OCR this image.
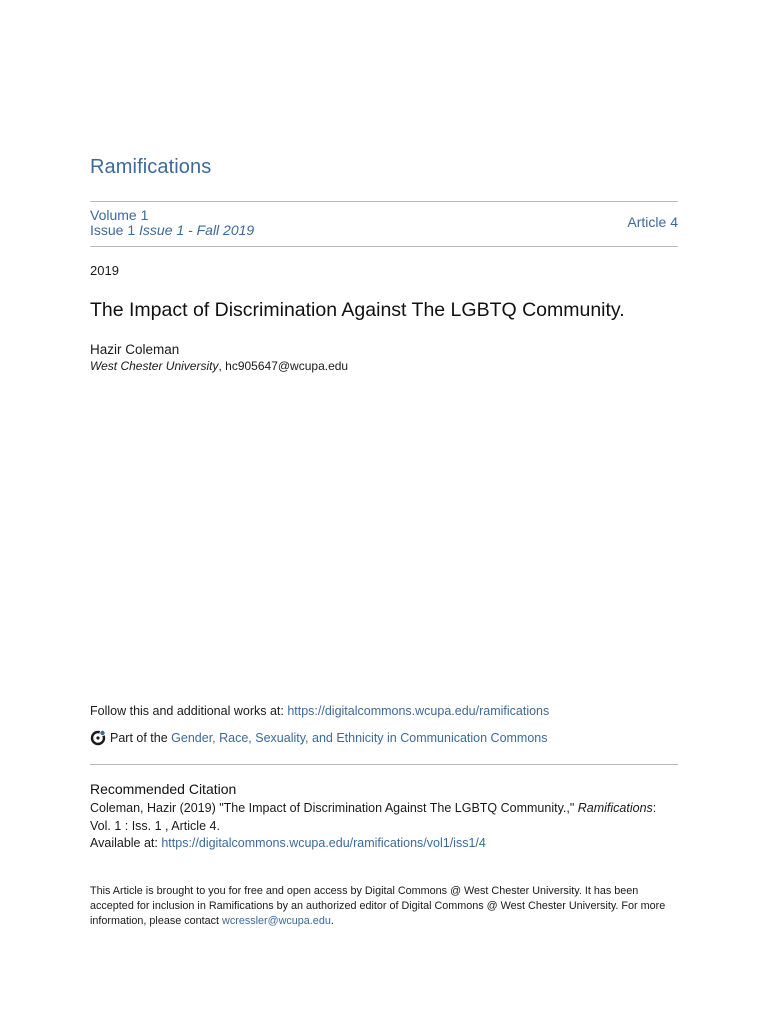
Ramifications
Volume 1
Issue 1 Issue 1 - Fall 2019	Article 4
2019
The Impact of Discrimination Against The LGBTQ Community.
Hazir Coleman
West Chester University, hc905647@wcupa.edu
Follow this and additional works at: https://digitalcommons.wcupa.edu/ramifications
Part of the
Gender, Race, Sexuality, and Ethnicity in Communication Commons
Recommended Citation
Coleman, Hazir (2019) "The Impact of Discrimination Against The LGBTQ Community.," Ramifications: Vol. 1 : Iss. 1 , Article 4.
Available at: https://digitalcommons.wcupa.edu/ramifications/vol1/iss1/4
This Article is brought to you for free and open access by Digital Commons @ West Chester University. It has been accepted for inclusion in Ramifications by an authorized editor of Digital Commons @ West Chester University. For more information, please contact wcressler@wcupa.edu.
